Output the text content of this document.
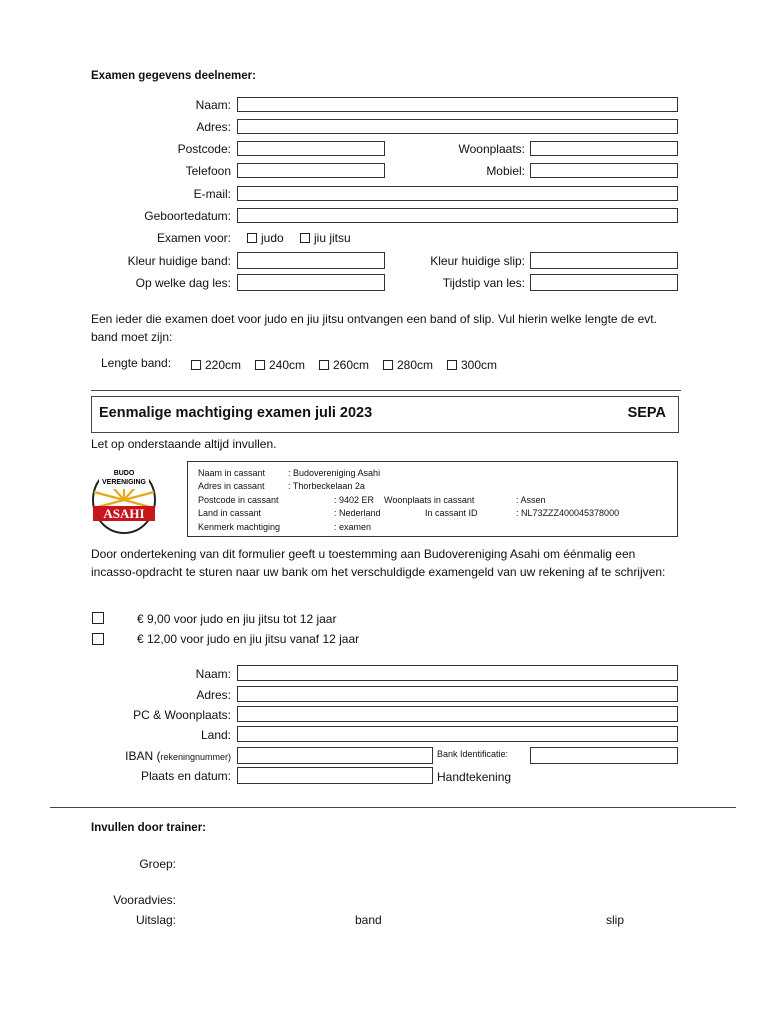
Examen gegevens deelnemer:
Naam:
Adres:
Postcode:	Woonplaats:
Telefoon	Mobiel:
E-mail:
Geboortedatum:
Examen voor:	judo	jiu jitsu
Kleur huidige band:	Kleur huidige slip:
Op welke dag les:	Tijdstip van les:
Een ieder die examen doet voor judo en jiu jitsu ontvangen een band of slip. Vul hierin welke lengte de evt. band moet zijn:
Lengte band:	220cm	240cm	260cm	280cm	300cm
Eenmalige machtiging examen juli 2023	SEPA
Let op onderstaande altijd invullen.
BUDO
VERENIGING
ASAHI
Naam in cassant	: Budovereniging Asahi
Adres in cassant	: Thorbeckelaan 2a
Postcode in cassant	: 9402 ER Woonplaats in cassant	: Assen
Land in cassant	: Nederland	In cassant ID	: NL73ZZZ400045378000
Kenmerk machtiging	: examen
Door ondertekening van dit formulier geeft u toestemming aan Budovereniging Asahi om éénmalig een incasso-opdracht te sturen naar uw bank om het verschuldigde examengeld van uw rekening af te schrijven:
€ 9,00 voor judo en jiu jitsu tot 12 jaar
€ 12,00 voor judo en jiu jitsu vanaf 12 jaar
Naam:
Adres:
PC & Woonplaats:
Land:
IBAN (rekeningnummer)	Bank Identificatie:
Plaats en datum:	Handtekening
Invullen door trainer:
Groep:
Vooradvies:
Uitslag:	band	slip
